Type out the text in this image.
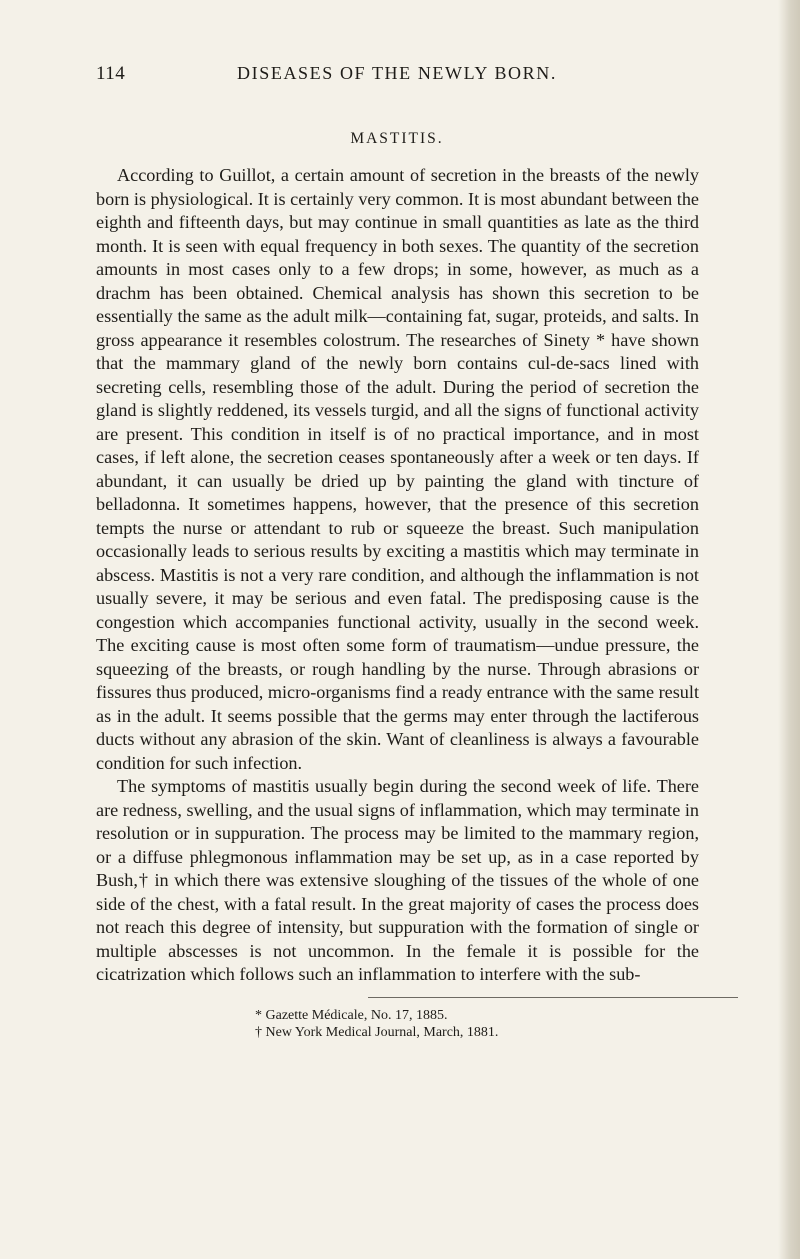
114	DISEASES OF THE NEWLY BORN.
MASTITIS.

According to Guillot, a certain amount of secretion in the breasts of the newly born is physiological. It is certainly very common. It is most abundant between the eighth and fifteenth days, but may continue in small quantities as late as the third month. It is seen with equal frequency in both sexes. The quantity of the secretion amounts in most cases only to a few drops; in some, however, as much as a drachm has been obtained. Chemical analysis has shown this secretion to be essentially the same as the adult milk—containing fat, sugar, proteids, and salts. In gross appearance it resembles colostrum. The researches of Sinety * have shown that the mammary gland of the newly born contains cul-de-sacs lined with secreting cells, resembling those of the adult. During the period of secretion the gland is slightly reddened, its vessels turgid, and all the signs of functional activity are present. This condition in itself is of no practical importance, and in most cases, if left alone, the secretion ceases spontaneously after a week or ten days. If abundant, it can usually be dried up by painting the gland with tincture of belladonna. It sometimes happens, however, that the presence of this secretion tempts the nurse or attendant to rub or squeeze the breast. Such manipulation occasionally leads to serious results by exciting a mastitis which may terminate in abscess. Mastitis is not a very rare condition, and although the inflammation is not usually severe, it may be serious and even fatal. The predisposing cause is the congestion which accompanies functional activity, usually in the second week. The exciting cause is most often some form of traumatism—undue pressure, the squeezing of the breasts, or rough handling by the nurse. Through abrasions or fissures thus produced, micro-organisms find a ready entrance with the same result as in the adult. It seems possible that the germs may enter through the lactiferous ducts without any abrasion of the skin. Want of cleanliness is always a favourable condition for such infection.

The symptoms of mastitis usually begin during the second week of life. There are redness, swelling, and the usual signs of inflammation, which may terminate in resolution or in suppuration. The process may be limited to the mammary region, or a diffuse phlegmonous inflammation may be set up, as in a case reported by Bush,† in which there was extensive sloughing of the tissues of the whole of one side of the chest, with a fatal result. In the great majority of cases the process does not reach this degree of intensity, but suppuration with the formation of single or multiple abscesses is not uncommon. In the female it is possible for the cicatrization which follows such an inflammation to interfere with the sub-

* Gazette Médicale, No. 17, 1885.
† New York Medical Journal, March, 1881.
